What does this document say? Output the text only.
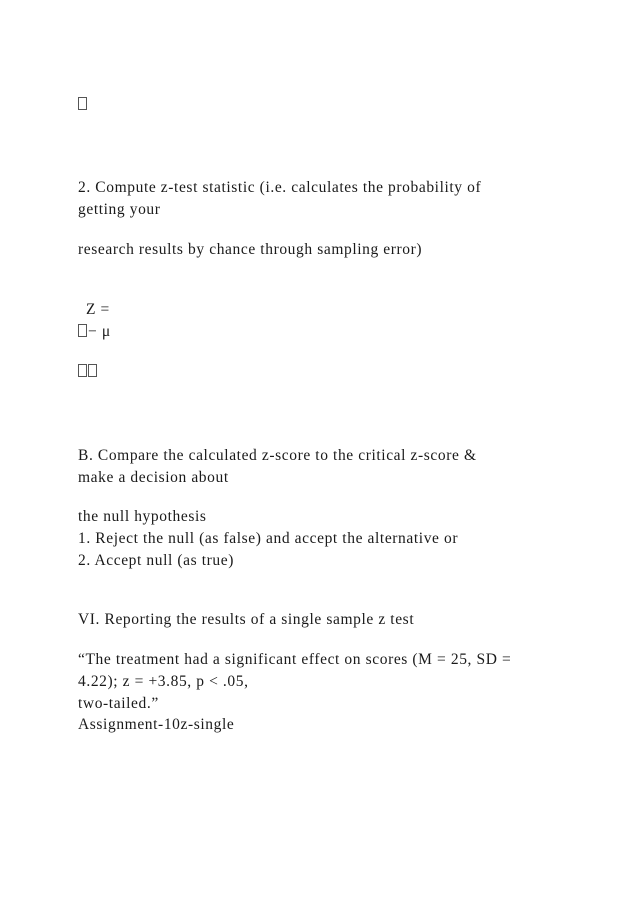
2. Compute z-test statistic (i.e. calculates the probability of
getting your
research results by chance through sampling error)
Z =
− μ
B. Compare the calculated z-score to the critical z-score &
make a decision about
the null hypothesis
1. Reject the null (as false) and accept the alternative or
2. Accept null (as true)
VI. Reporting the results of a single sample z test
“The treatment had a significant effect on scores (M = 25, SD =
4.22); z = +3.85, p < .05,
two-tailed.”
Assignment-10z-single
